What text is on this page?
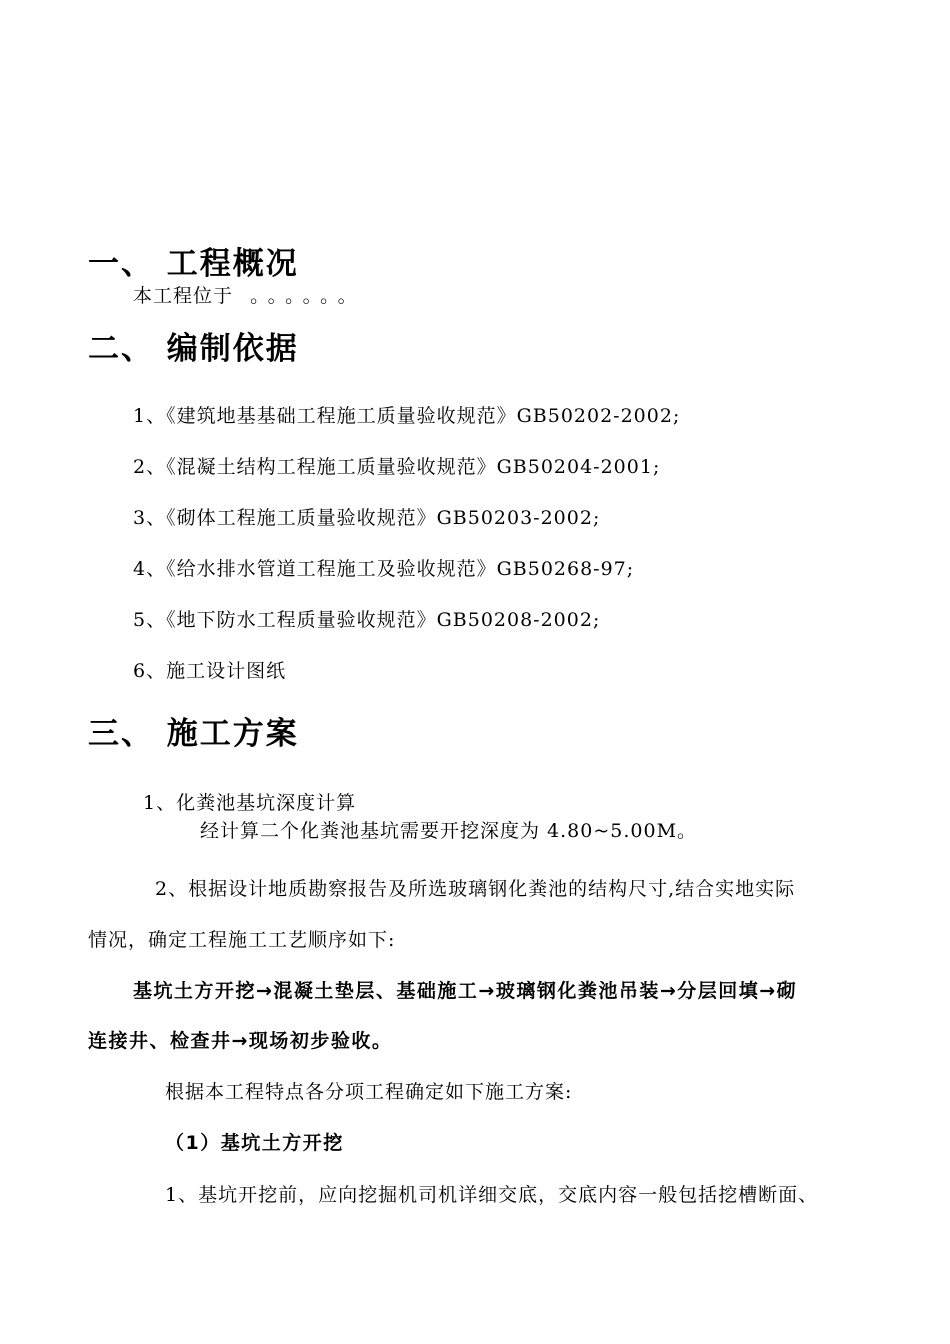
一、 工程概况
本工程位于 。。。。。。
二、 编制依据
1、《建筑地基基础工程施工质量验收规范》GB50202-2002;
2、《混凝土结构工程施工质量验收规范》GB50204-2001;
3、《砌体工程施工质量验收规范》GB50203-2002;
4、《给水排水管道工程施工及验收规范》GB50268-97;
5、《地下防水工程质量验收规范》GB50208-2002;
6、施工设计图纸
三、 施工方案
1、化粪池基坑深度计算
经计算二个化粪池基坑需要开挖深度为 4.80~5.00M。
2、根据设计地质勘察报告及所选玻璃钢化粪池的结构尺寸,结合实地实际
情况，确定工程施工工艺顺序如下:
基坑土方开挖→混凝土垫层、基础施工→玻璃钢化粪池吊装→分层回填→砌
连接井、检查井→现场初步验收。
根据本工程特点各分项工程确定如下施工方案:
（1）基坑土方开挖
1、基坑开挖前，应向挖掘机司机详细交底，交底内容一般包括挖槽断面、
